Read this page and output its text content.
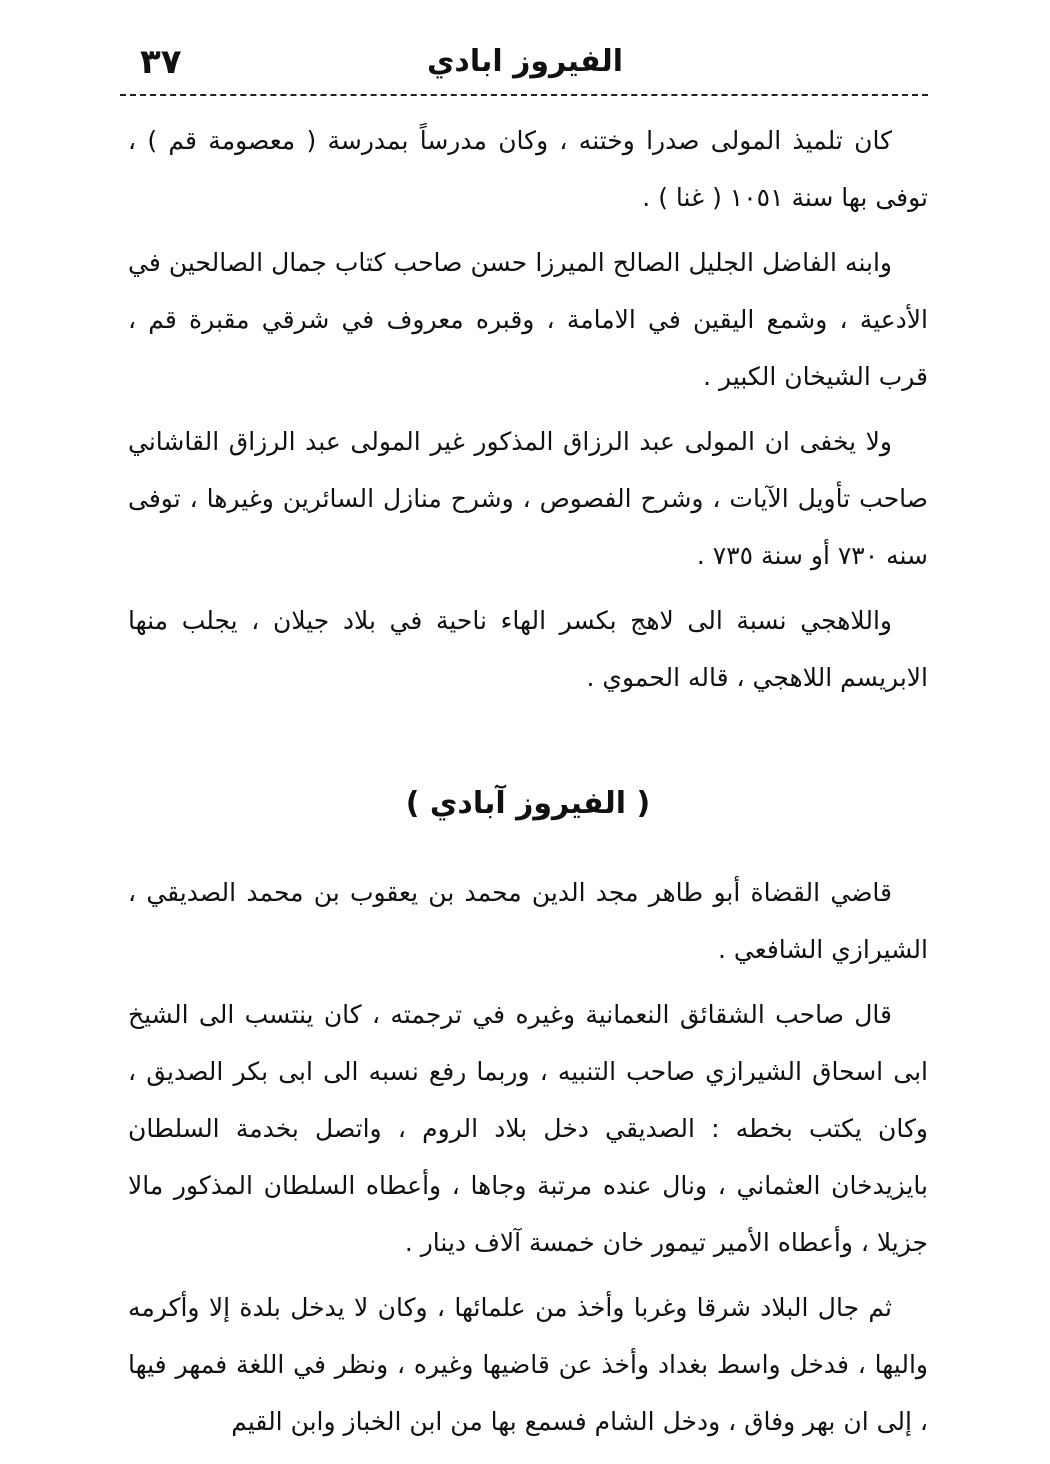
الفيروز ابادي
٣٧

كان تلميذ المولى صدرا وختنه ، وكان مدرساً بمدرسة ( معصومة قم ) ، توفى بها سنة ١٠٥١ ( غنا ) .

وابنه الفاضل الجليل الصالح الميرزا حسن صاحب كتاب جمال الصالحين في الأدعية ، وشمع اليقين في الامامة ، وقبره معروف في شرقي مقبرة قم ، قرب الشيخان الكبير .

ولا يخفى ان المولى عبد الرزاق المذكور غير المولى عبد الرزاق القاشاني صاحب تأويل الآيات ، وشرح الفصوص ، وشرح منازل السائرين وغيرها ، توفى سنه ٧٣٠ أو سنة ٧٣٥ .

واللاهجي نسبة الى لاهج بكسر الهاء ناحية في بلاد جيلان ، يجلب منها الابريسم اللاهجي ، قاله الحموي .

( الفيروز آبادي )

قاضي القضاة أبو طاهر مجد الدين محمد بن يعقوب بن محمد الصديقي ، الشيرازي الشافعي .

قال صاحب الشقائق النعمانية وغيره في ترجمته ، كان ينتسب الى الشيخ ابى اسحاق الشيرازي صاحب التنبيه ، وربما رفع نسبه الى ابى بكر الصديق ، وكان يكتب بخطه : الصديقي دخل بلاد الروم ، واتصل بخدمة السلطان بايزيدخان العثماني ، ونال عنده مرتبة وجاها ، وأعطاه السلطان المذكور مالا جزيلا ، وأعطاه الأمير تيمور خان خمسة آلاف دينار .

ثم جال البلاد شرقا وغربا وأخذ من علمائها ، وكان لا يدخل بلدة إلا وأكرمه واليها ، فدخل واسط بغداد وأخذ عن قاضيها وغيره ، ونظر في اللغة فمهر فيها ، إلى ان بهر وفاق ، ودخل الشام فسمع بها من ابن الخباز وابن القيم
